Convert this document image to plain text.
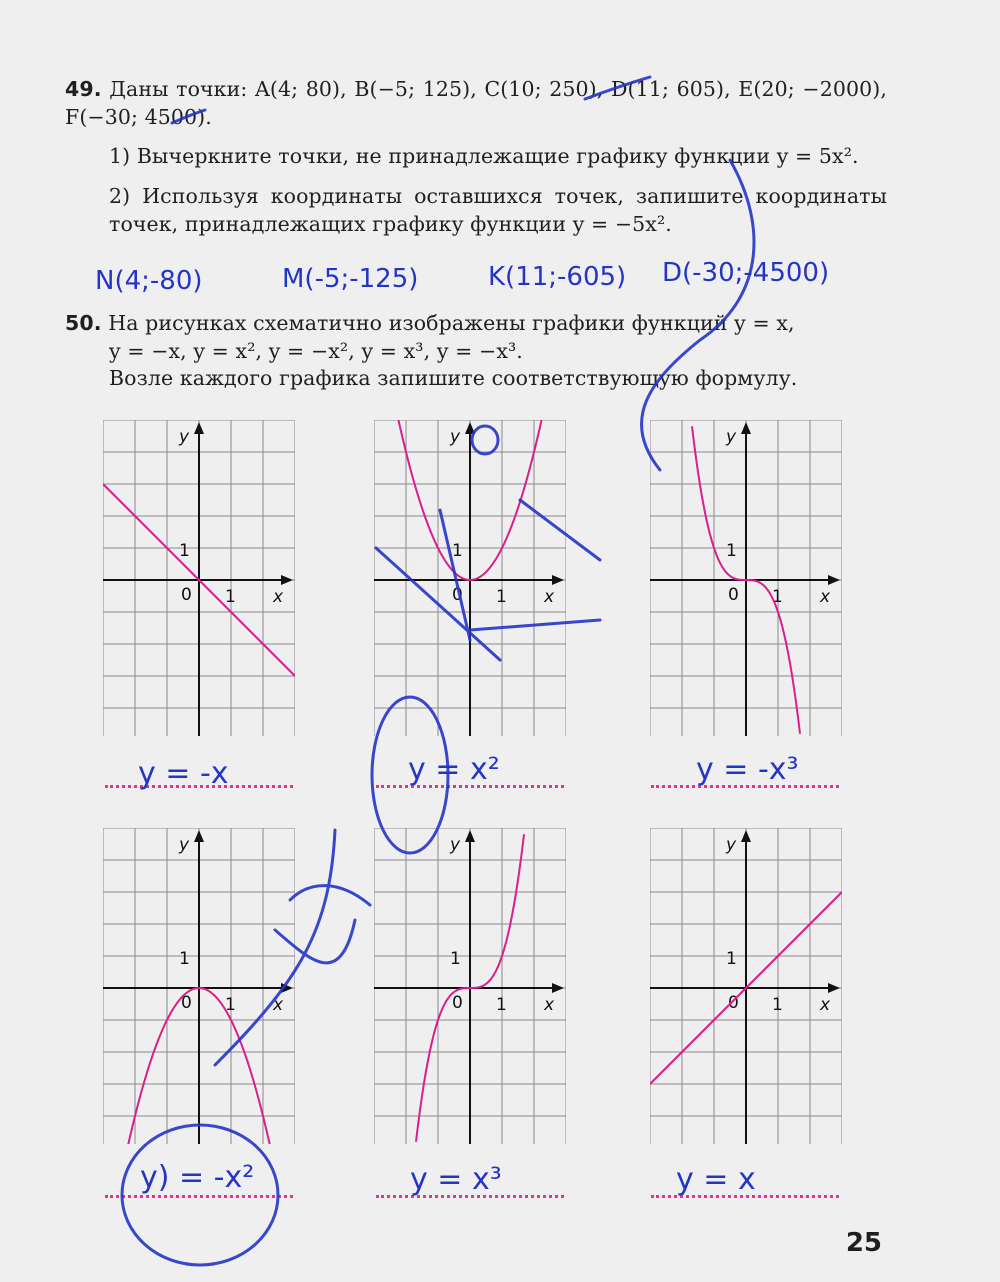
49. Даны точки: A(4; 80), B(−5; 125), C(10; 250), D(11; 605), E(20; −2000), F(−30; 4500).
1) Вычеркните точки, не принадлежащие графику функции y = 5x².
2) Используя координаты оставшихся точек, запишите координаты точек, принадлежащих графику функции y = −5x².
N(4;-80)	M(-5;-125)	K(11;-605) D(-30;-4500)
50. На рисунках схематично изображены графики функций y = x,
y = −x, y = x², y = −x², y = x³, y = −x³.
Возле каждого графика запишите соответствующую формулу.
1
1
0
y
x
1
1
0
y
x
1
1
0
y
x
1
1
0
y
x
1
1
0
y
x
1
1
0
y
x
y = -x	y = x²	y = -x³
y) = -x²	y = x³	y = x
25
